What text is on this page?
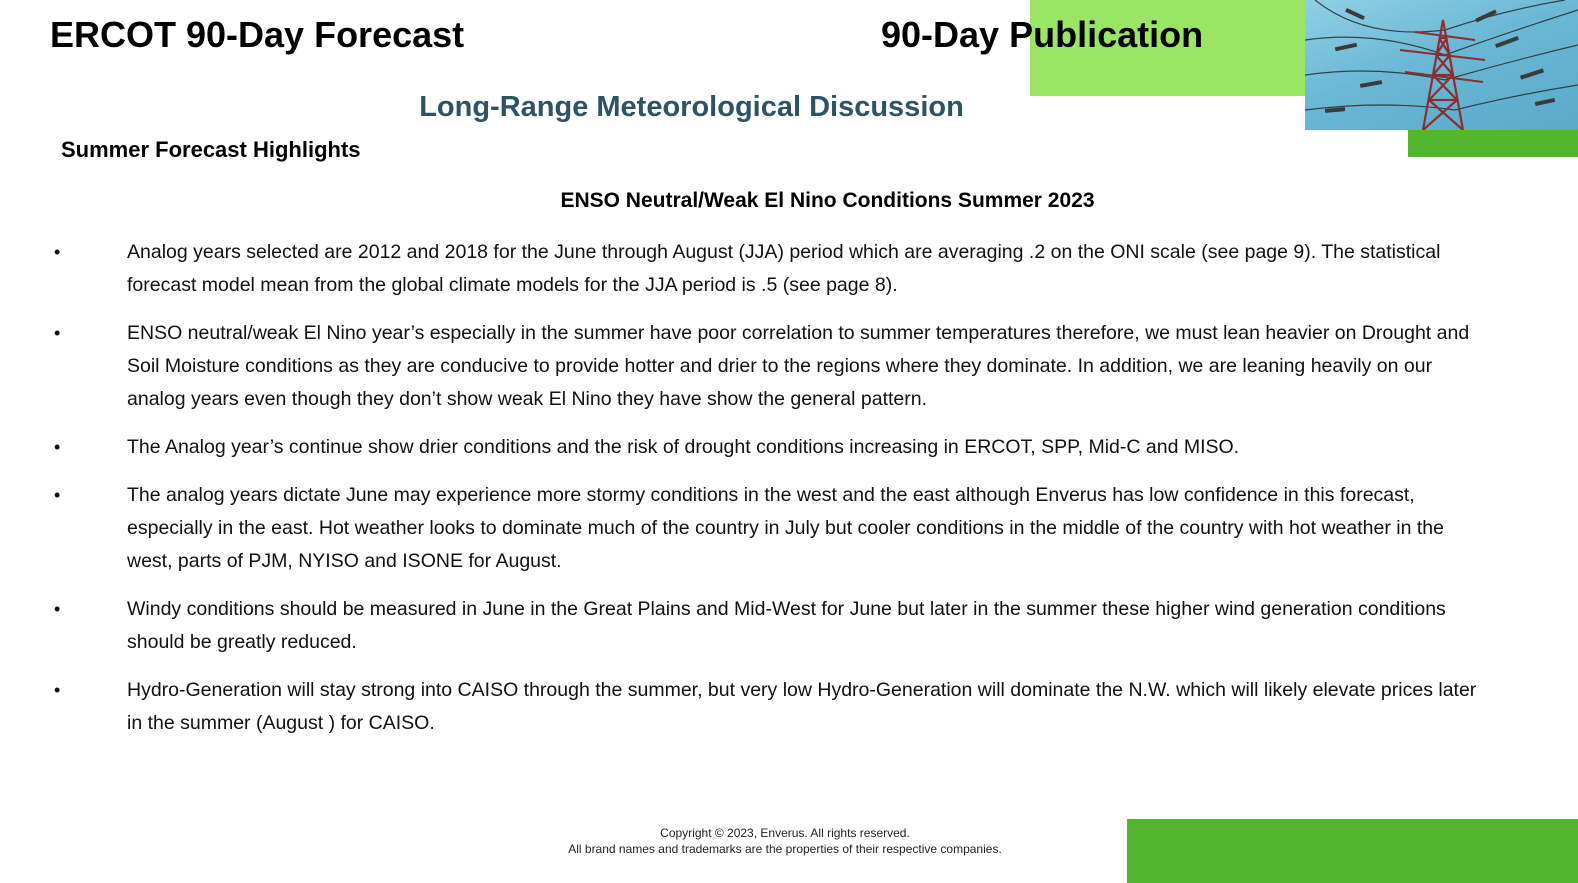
ERCOT 90-Day Forecast	90-Day Publication
Long-Range Meteorological Discussion
Summer Forecast Highlights
ENSO Neutral/Weak El Nino Conditions Summer 2023
•	Analog years selected are 2012 and 2018 for the June through August (JJA) period which are averaging .2 on the ONI scale (see page 9). The statistical forecast model mean from the global climate models for the JJA period is .5 (see page 8).
•	ENSO neutral/weak El Nino year’s especially in the summer have poor correlation to summer temperatures therefore, we must lean heavier on Drought and Soil Moisture conditions as they are conducive to provide hotter and drier to the regions where they dominate. In addition, we are leaning heavily on our analog years even though they don’t show weak El Nino they have show the general pattern.
•	The Analog year’s continue show drier conditions and the risk of drought conditions increasing in ERCOT, SPP, Mid-C and MISO.
•	The analog years dictate June may experience more stormy conditions in the west and the east although Enverus has low confidence in this forecast, especially in the east. Hot weather looks to dominate much of the country in July but cooler conditions in the middle of the country with hot weather in the west, parts of PJM, NYISO and ISONE for August.
•	Windy conditions should be measured in June in the Great Plains and Mid-West for June but later in the summer these higher wind generation conditions should be greatly reduced.
•	Hydro-Generation will stay strong into CAISO through the summer, but very low Hydro-Generation will dominate the N.W. which will likely elevate prices later in the summer (August ) for CAISO.
Copyright © 2023, Enverus. All rights reserved.
All brand names and trademarks are the properties of their respective companies.
